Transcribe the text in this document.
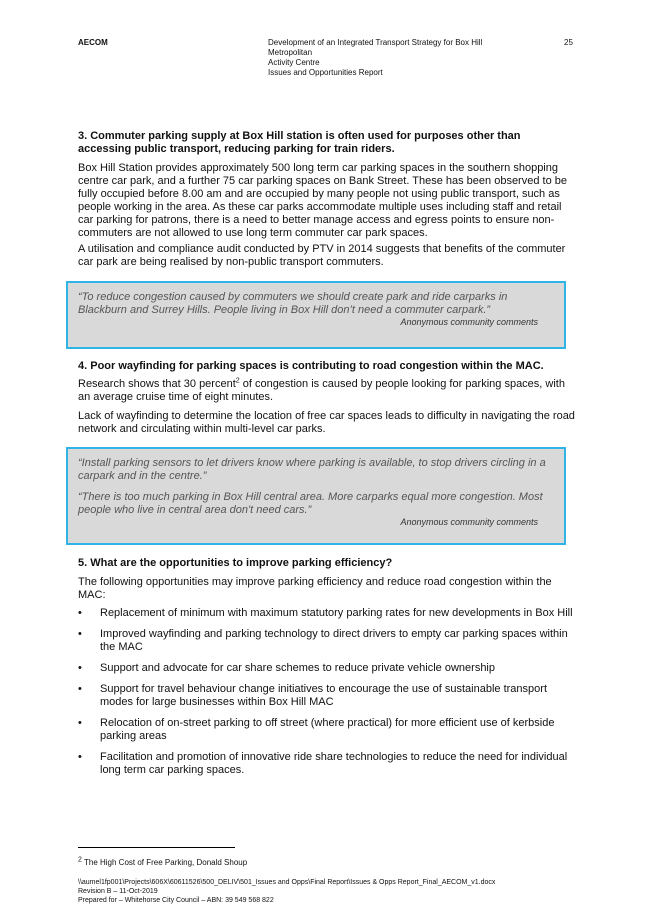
AECOM	Development of an Integrated Transport Strategy for Box Hill Metropolitan
Activity Centre
Issues and Opportunities Report
25
3. Commuter parking supply at Box Hill station is often used for purposes other than accessing public transport, reducing parking for train riders.
Box Hill Station provides approximately 500 long term car parking spaces in the southern shopping centre car park, and a further 75 car parking spaces on Bank Street. These has been observed to be fully occupied before 8.00 am and are occupied by many people not using public transport, such as people working in the area. As these car parks accommodate multiple uses including staff and retail car parking for patrons, there is a need to better manage access and egress points to ensure non-commuters are not allowed to use long term commuter car park spaces.
A utilisation and compliance audit conducted by PTV in 2014 suggests that benefits of the commuter car park are being realised by non-public transport commuters.
“To reduce congestion caused by commuters we should create park and ride carparks in Blackburn and Surrey Hills. People living in Box Hill don’t need a commuter carpark.”
Anonymous community comments
4. Poor wayfinding for parking spaces is contributing to road congestion within the MAC.
Research shows that 30 percent$^2$ of congestion is caused by people looking for parking spaces, with an average cruise time of eight minutes.
Lack of wayfinding to determine the location of free car spaces leads to difficulty in navigating the road network and circulating within multi-level car parks.
“Install parking sensors to let drivers know where parking is available, to stop drivers circling in a carpark and in the centre.”
“There is too much parking in Box Hill central area. More carparks equal more congestion. Most people who live in central area don't need cars.”
Anonymous community comments
5. What are the opportunities to improve parking efficiency?
The following opportunities may improve parking efficiency and reduce road congestion within the MAC:
• Replacement of minimum with maximum statutory parking rates for new developments in Box Hill
• Improved wayfinding and parking technology to direct drivers to empty car parking spaces within the MAC
• Support and advocate for car share schemes to reduce private vehicle ownership
• Support for travel behaviour change initiatives to encourage the use of sustainable transport modes for large businesses within Box Hill MAC
• Relocation of on-street parking to off street (where practical) for more efficient use of kerbside parking areas
• Facilitation and promotion of innovative ride share technologies to reduce the need for individual long term car parking spaces.
$^2$ The High Cost of Free Parking, Donald Shoup
\\aumel1fp001\Projects\606X\60611526\500_DELIV\501_Issues and Opps\Final Report\Issues & Opps Report_Final_AECOM_v1.docx
Revision B – 11-Oct-2019
Prepared for – Whitehorse City Council – ABN: 39 549 568 822
